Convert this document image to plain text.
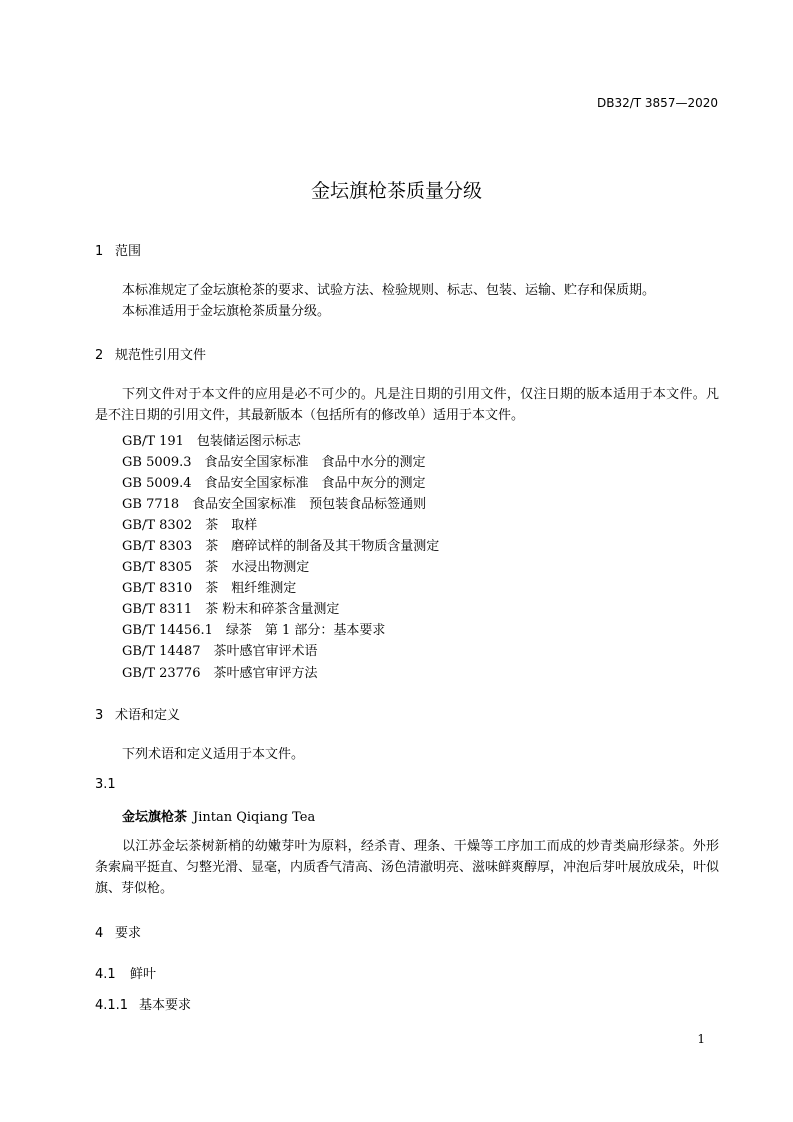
DB32/T 3857—2020
金坛旗枪茶质量分级
1 范围

本标准规定了金坛旗枪茶的要求、试验方法、检验规则、标志、包装、运输、贮存和保质期。

本标准适用于金坛旗枪茶质量分级。

2 规范性引用文件

下列文件对于本文件的应用是必不可少的。凡是注日期的引用文件，仅注日期的版本适用于本文件。凡是不注日期的引用文件，其最新版本（包括所有的修改单）适用于本文件。

GB/T 191　包装储运图示标志
GB 5009.3　食品安全国家标准　食品中水分的测定
GB 5009.4　食品安全国家标准　食品中灰分的测定
GB 7718　食品安全国家标准　预包装食品标签通则
GB/T 8302　茶　取样
GB/T 8303　茶　磨碎试样的制备及其干物质含量测定
GB/T 8305　茶　水浸出物测定
GB/T 8310　茶　粗纤维测定
GB/T 8311　茶 粉末和碎茶含量测定
GB/T 14456.1　绿茶　第 1 部分：基本要求
GB/T 14487　茶叶感官审评术语
GB/T 23776　茶叶感官审评方法
3 术语和定义

下列术语和定义适用于本文件。

3.1
金坛旗枪茶 Jintan Qiqiang Tea

以江苏金坛茶树新梢的幼嫩芽叶为原料，经杀青、理条、干燥等工序加工而成的炒青类扁形绿茶。外形条索扁平挺直、匀整光滑、显毫，内质香气清高、汤色清澈明亮、滋味鲜爽醇厚，冲泡后芽叶展放成朵，叶似旗、芽似枪。

4 要求
4.1 鲜叶
4.1.1 基本要求
1
